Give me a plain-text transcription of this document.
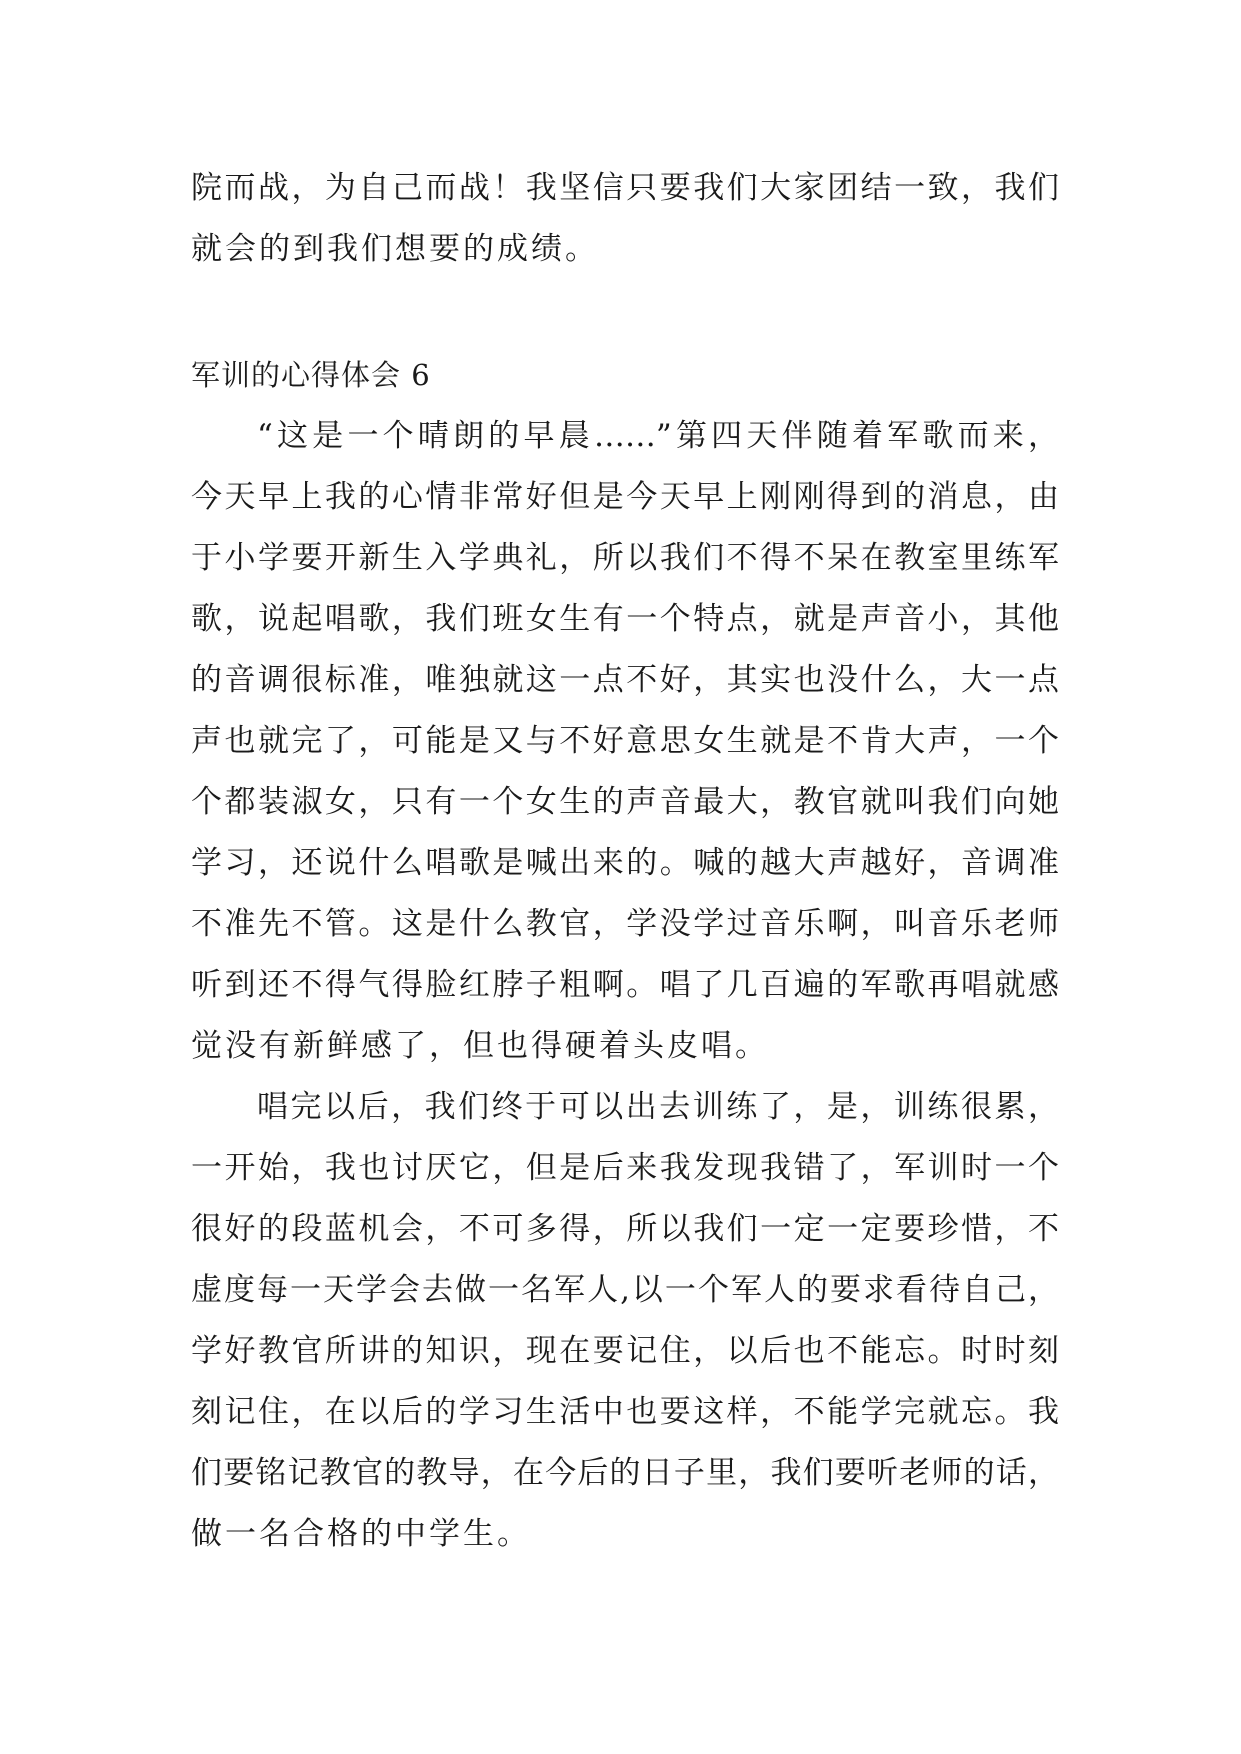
院而战，为自己而战！我坚信只要我们大家团结一致，我们
就会的到我们想要的成绩。
军训的心得体会 6
“这是一个晴朗的早晨……”第四天伴随着军歌而来，
今天早上我的心情非常好但是今天早上刚刚得到的消息，由
于小学要开新生入学典礼，所以我们不得不呆在教室里练军
歌，说起唱歌，我们班女生有一个特点，就是声音小，其他
的音调很标准，唯独就这一点不好，其实也没什么，大一点
声也就完了，可能是又与不好意思女生就是不肯大声，一个
个都装淑女，只有一个女生的声音最大，教官就叫我们向她
学习，还说什么唱歌是喊出来的。喊的越大声越好，音调准
不准先不管。这是什么教官，学没学过音乐啊，叫音乐老师
听到还不得气得脸红脖子粗啊。唱了几百遍的军歌再唱就感
觉没有新鲜感了，但也得硬着头皮唱。
唱完以后，我们终于可以出去训练了，是，训练很累，
一开始，我也讨厌它，但是后来我发现我错了，军训时一个
很好的段蓝机会，不可多得，所以我们一定一定要珍惜，不
虚度每一天学会去做一名军人,以一个军人的要求看待自己，
学好教官所讲的知识，现在要记住，以后也不能忘。时时刻
刻记住，在以后的学习生活中也要这样，不能学完就忘。我
们要铭记教官的教导，在今后的日子里，我们要听老师的话，
做一名合格的中学生。
